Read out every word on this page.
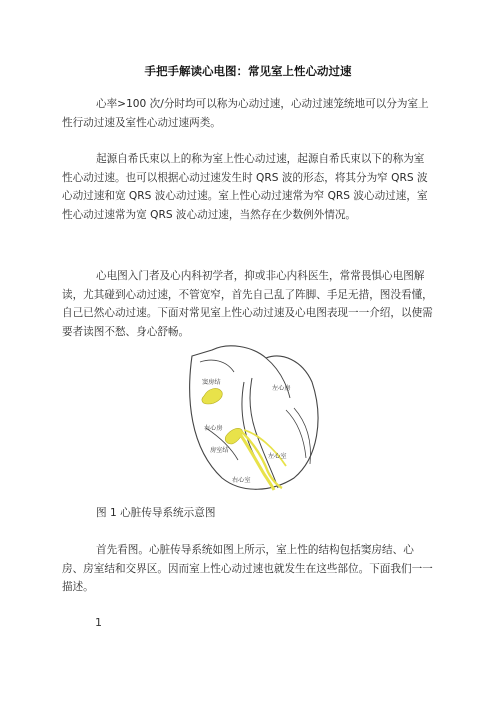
手把手解读心电图：常见室上性心动过速
心率>100 次/分时均可以称为心动过速，心动过速笼统地可以分为室上性行动过速及室性心动过速两类。
起源自希氏束以上的称为室上性心动过速，起源自希氏束以下的称为室性心动过速。也可以根据心动过速发生时 QRS 波的形态，将其分为窄 QRS 波心动过速和宽 QRS 波心动过速。室上性心动过速常为窄 QRS 波心动过速，室性心动过速常为宽 QRS 波心动过速，当然存在少数例外情况。
心电图入门者及心内科初学者，抑或非心内科医生，常常畏惧心电图解读，尤其碰到心动过速，不管宽窄，首先自己乱了阵脚、手足无措，图没看懂，自己已然心动过速。下面对常见室上性心动过速及心电图表现一一介绍，以使需要者读图不愁、身心舒畅。
窦房结
左心房
右心房
房室结
左心室
右心室
图 1 心脏传导系统示意图
首先看图。心脏传导系统如图上所示，室上性的结构包括窦房结、心房、房室结和交界区。因而室上性心动过速也就发生在这些部位。下面我们一一描述。
1
